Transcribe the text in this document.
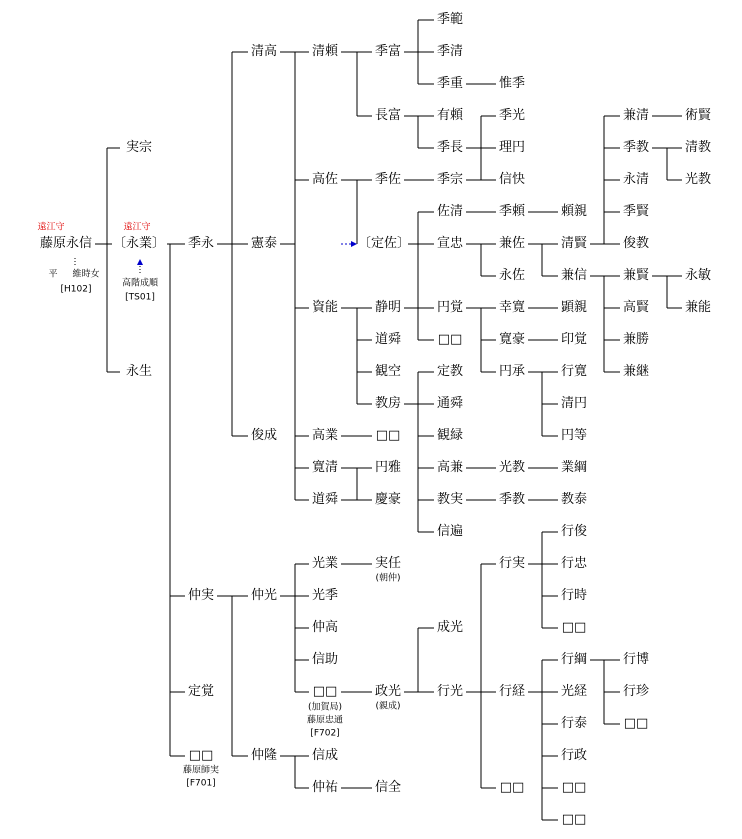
実宗
永生
遠江守
藤原永信
平 維時女
[H102]
遠江守
〔永業〕
高階成順
[TS01]
季永
清高
憲泰
俊成
清頼
高佐
資能
高業
寛清
道舜
季富
長富
季佐
〔定佐〕
静明
道舜
観空
教房
□□
円雅
慶豪
季範
季清
季重
有頼
季長
季宗
佐清
宣忠
円覚
□□
定教
通舜
観緑
高兼
教実
信遍
惟季
季光
理円
信快
季頼
兼佐
永佐
幸寛
寛豪
円承
光教
季教
頼親
清賢
兼信
顕親
印覚
行寛
清円
円等
業綱
教泰
兼清
季教
永清
季賢
俊教
兼賢
高賢
兼勝
兼継
術賢
清教
光教
永敏
兼能
仲実
定覚
□□
藤原師実
[F701]
仲光
仲隆
光業
光季
仲高
信助
□□
(加賀局)
藤原忠通
[F702]
信成
仲祐
実任
(朝仲)
政光
(親成)
信全
成光
行光
行実
行経
□□
行俊
行忠
行時
□□
行綱
光経
行泰
行政
□□
□□
行博
行珍
□□
